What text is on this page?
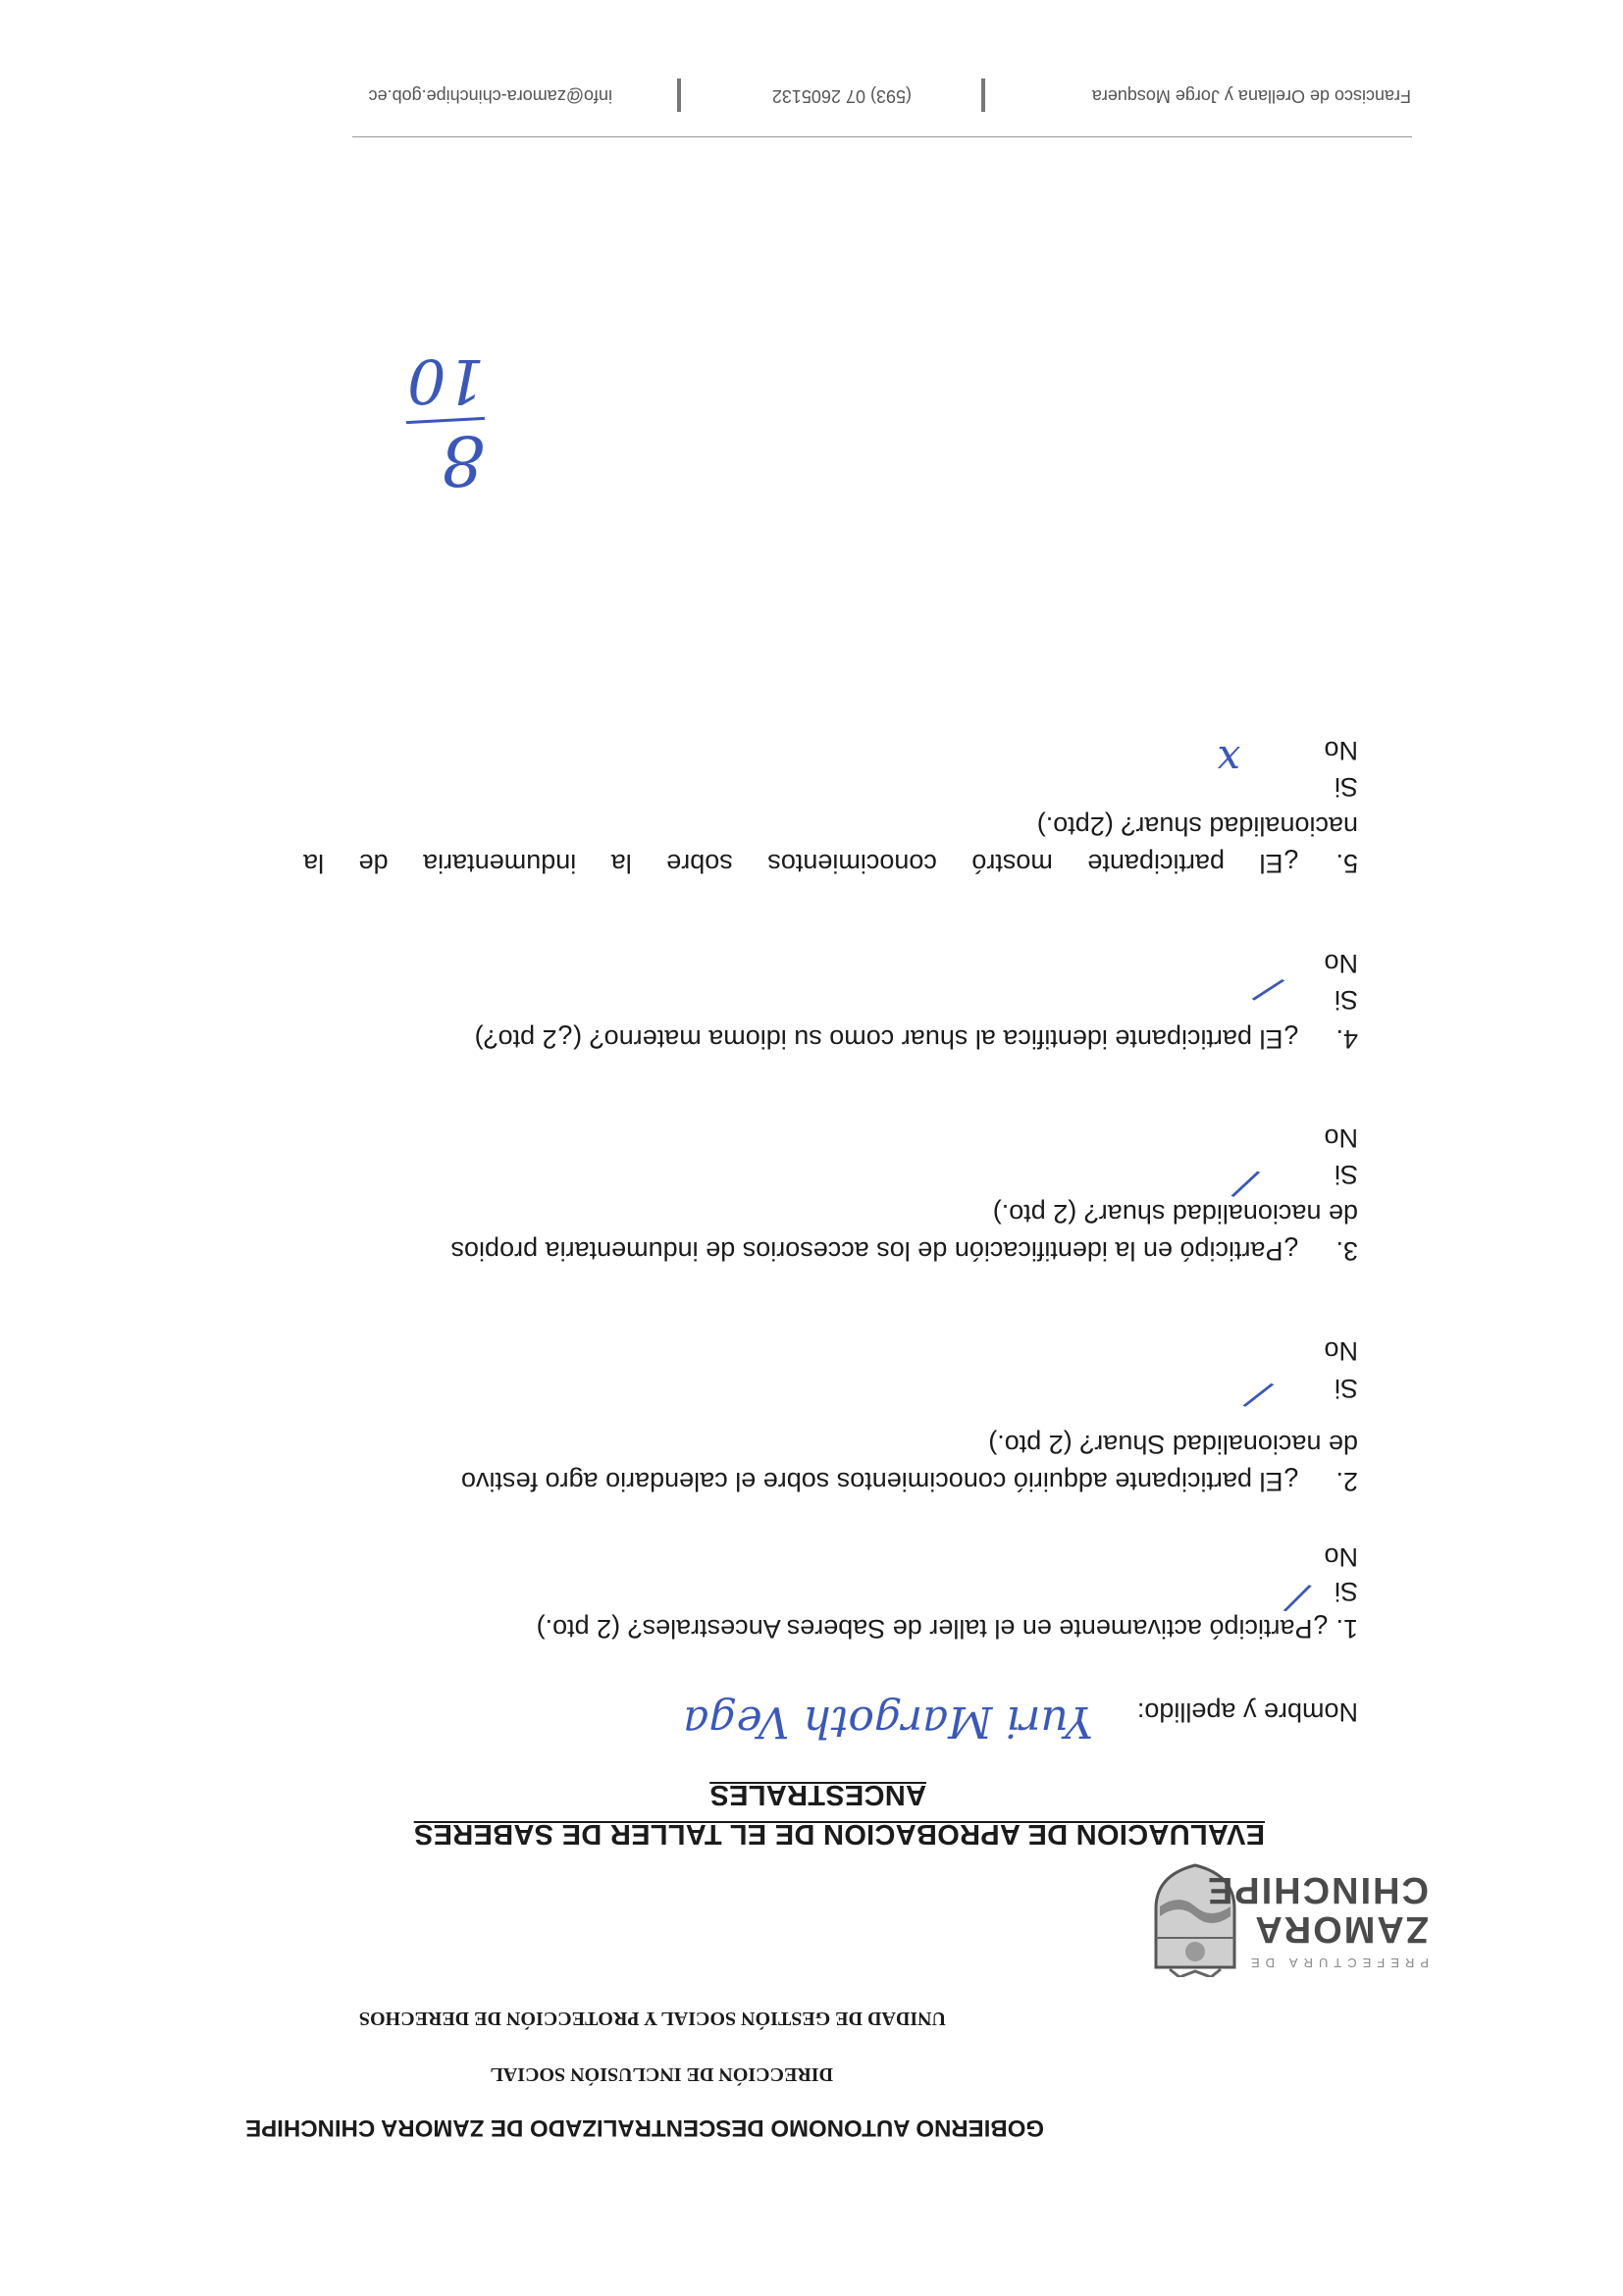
PREFECTURA DE
ZAMORA
CHINCHIPE
GOBIERNO AUTONOMO DESCENTRALIZADO DE ZAMORA CHINCHIPE
DIRECCIÓN DE INCLUSIÓN SOCIAL
UNIDAD DE GESTIÓN SOCIAL Y PROTECCIÓN DE DERECHOS
EVALUACION DE APROBACION DE EL TALLER DE SABERES
ANCESTRALES
Nombre y apellido:
Yuri Margoth Vega
1.
¿Participó activamente en el taller de Saberes Ancestrales? (2 pto.)
Si
No
/
2.
¿El participante adquirió conocimientos sobre el calendario agro festivo
de nacionalidad Shuar? (2 pto.)
Si
No
/
3.
¿Participó en la identificación de los accesorios de indumentaria propios
de nacionalidad shuar? (2 pto.)
Si
No
/
4.
¿El participante identifica al shuar como su idioma materno? (¿2 pto?)
Si
No
/
5.
¿El participante mostró conocimientos sobre la indumentaria de la
nacionalidad shuar? (2pto.)
Si
No
x
8
10
Francisco de Orellana y Jorge Mosquera
(593) 07 2605132
info@zamora-chinchipe.gob.ec
